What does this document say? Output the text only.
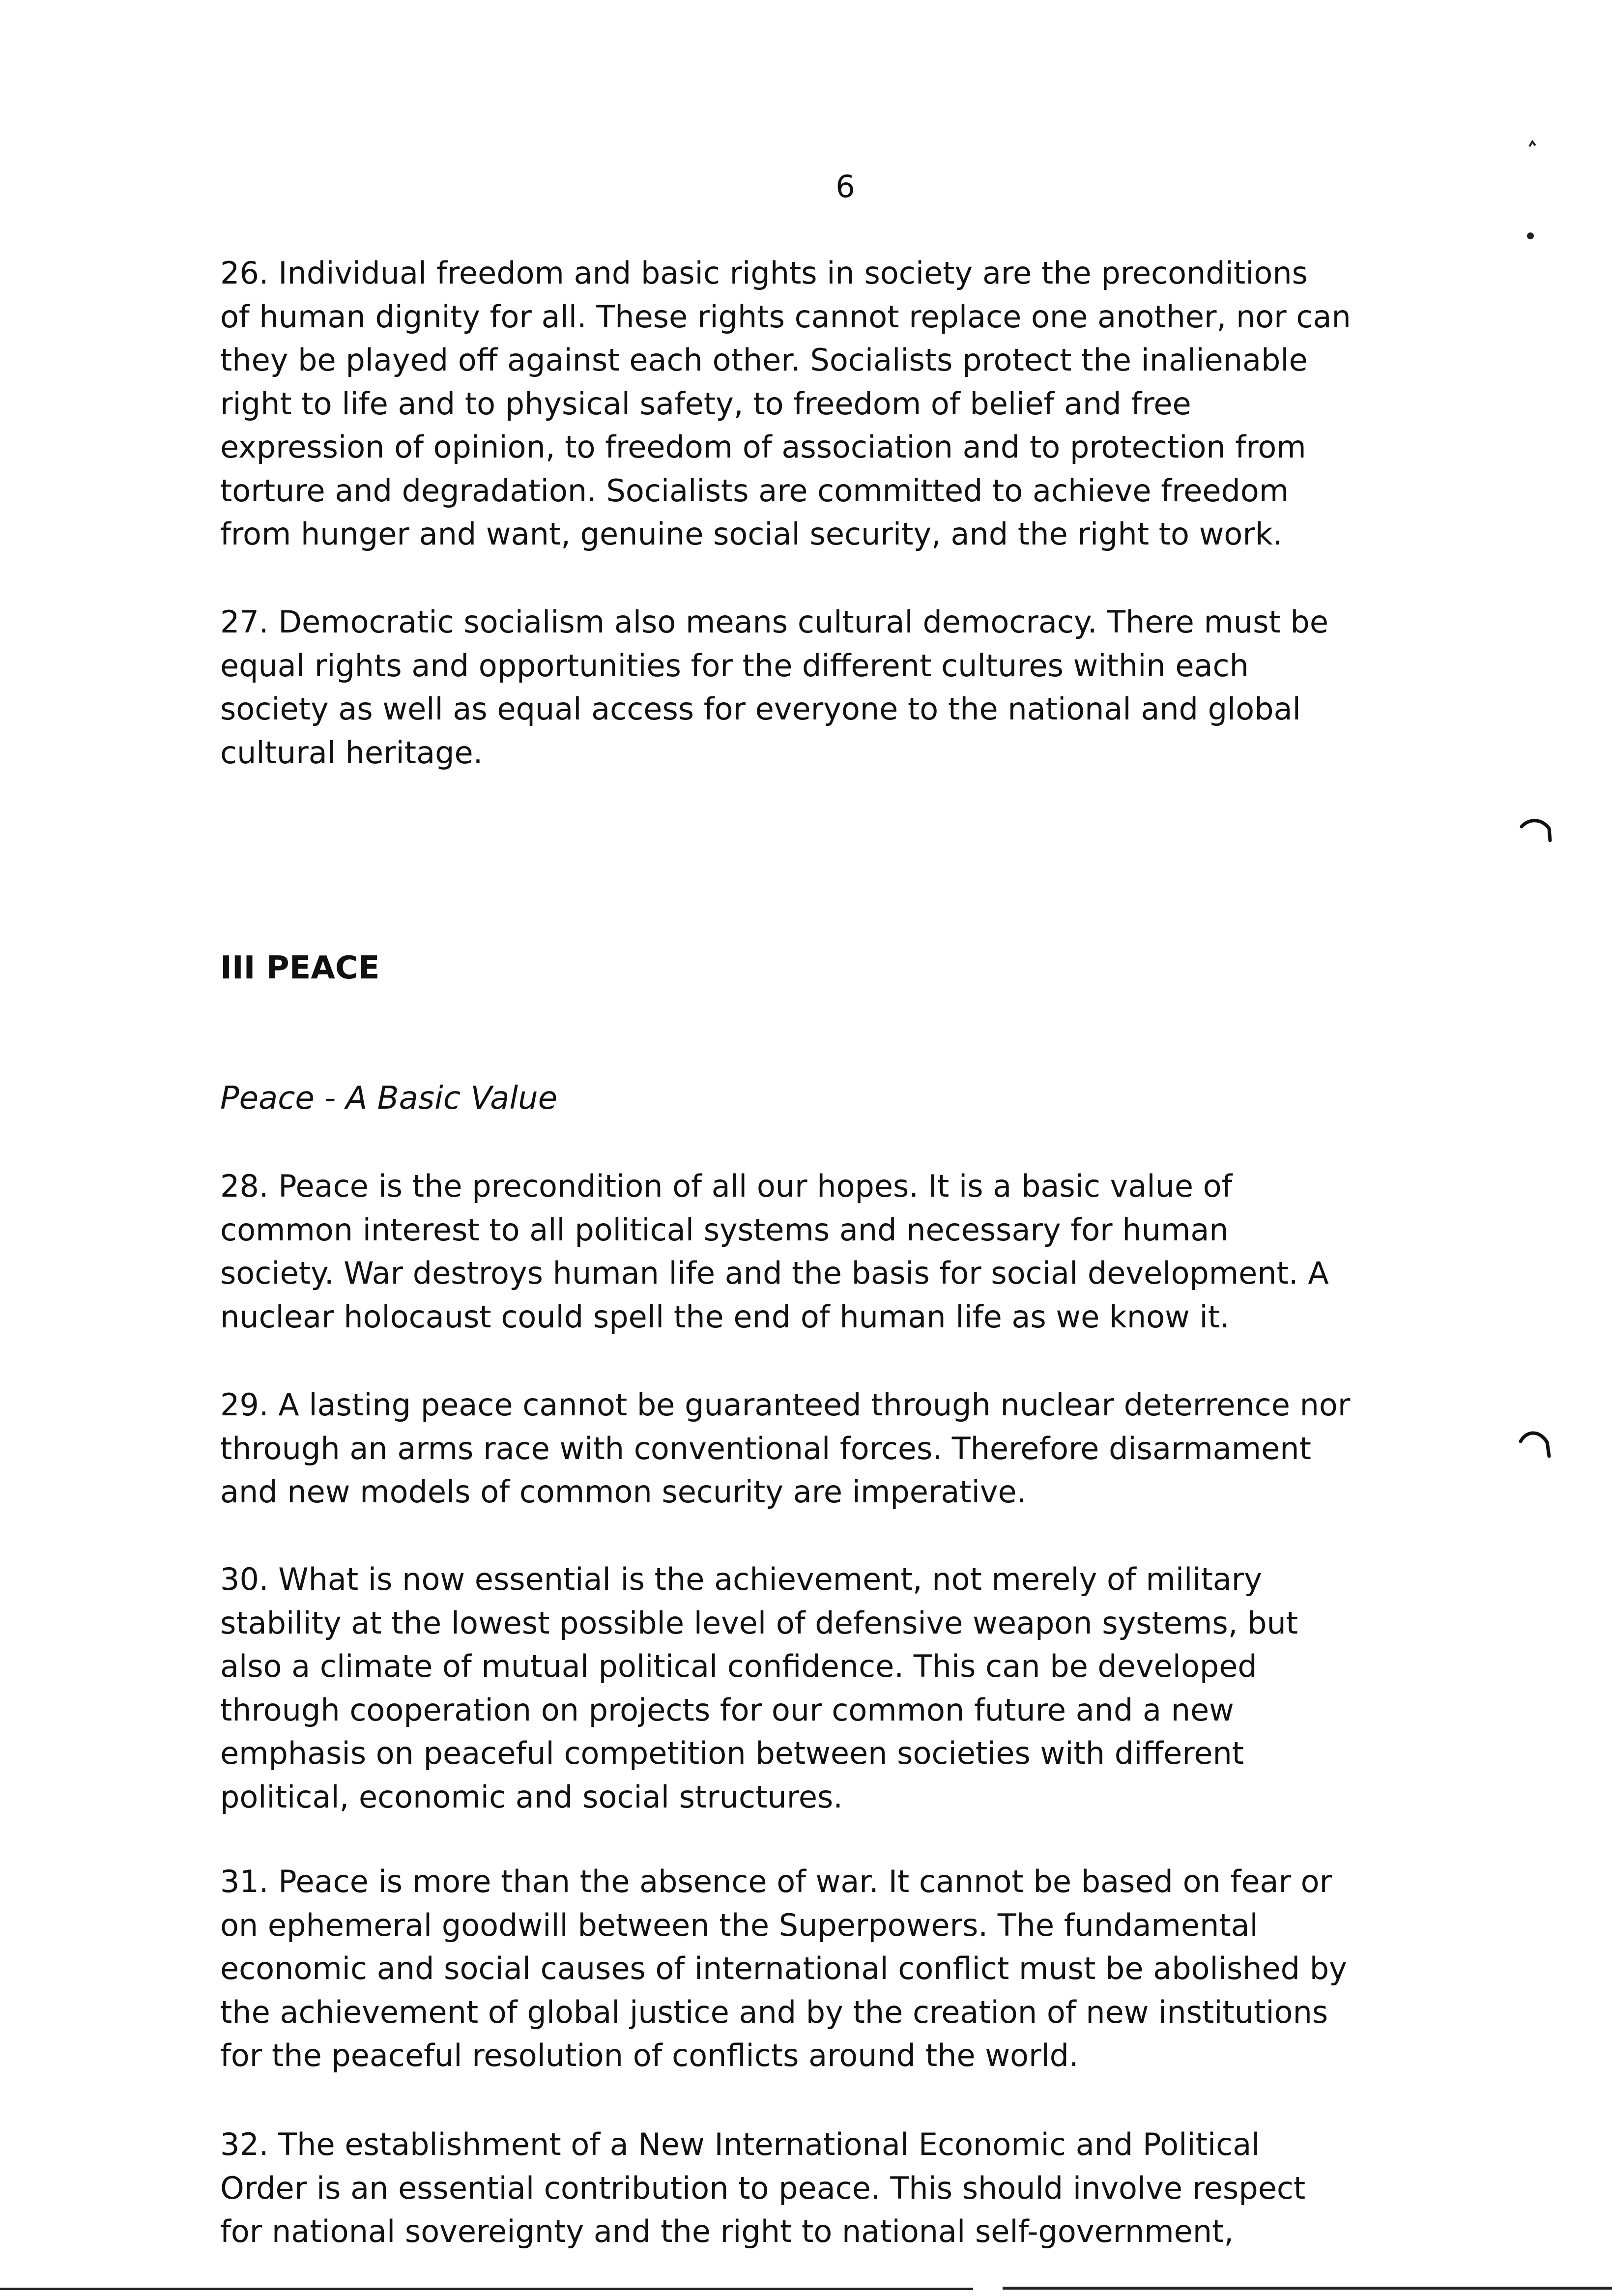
6

26. Individual freedom and basic rights in society are the preconditions
of human dignity for all. These rights cannot replace one another, nor can
they be played off against each other. Socialists protect the inalienable
right to life and to physical safety, to freedom of belief and free
expression of opinion, to freedom of association and to protection from
torture and degradation. Socialists are committed to achieve freedom
from hunger and want, genuine social security, and the right to work.

27. Democratic socialism also means cultural democracy. There must be
equal rights and opportunities for the different cultures within each
society as well as equal access for everyone to the national and global
cultural heritage.

III PEACE
Peace - A Basic Value

28. Peace is the precondition of all our hopes. It is a basic value of
common interest to all political systems and necessary for human
society. War destroys human life and the basis for social development. A
nuclear holocaust could spell the end of human life as we know it.

29. A lasting peace cannot be guaranteed through nuclear deterrence nor
through an arms race with conventional forces. Therefore disarmament
and new models of common security are imperative.

30. What is now essential is the achievement, not merely of military
stability at the lowest possible level of defensive weapon systems, but
also a climate of mutual political confidence. This can be developed
through cooperation on projects for our common future and a new
emphasis on peaceful competition between societies with different
political, economic and social structures.

31. Peace is more than the absence of war. It cannot be based on fear or
on ephemeral goodwill between the Superpowers. The fundamental
economic and social causes of international conflict must be abolished by
the achievement of global justice and by the creation of new institutions
for the peaceful resolution of conflicts around the world.

32. The establishment of a New International Economic and Political
Order is an essential contribution to peace. This should involve respect
for national sovereignty and the right to national self-government,
